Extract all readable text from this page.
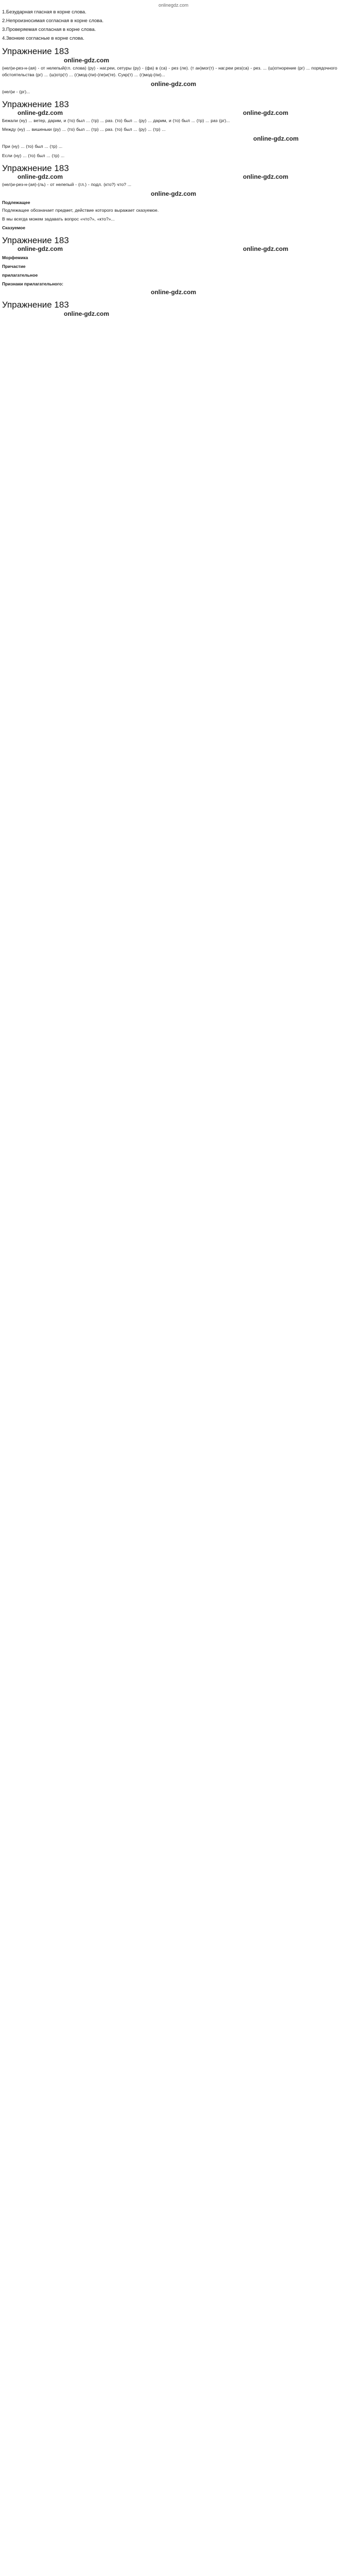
onlinegdz.com
1.Безударная гласная в корне слова.
2.Непроизносимая согласная в корне слова.
3.Проверяемая согласная в корне слова.
4.Звонкие согласные в корне слова.
Упражнение 183
online-gdz.com
(нел)и-рез-н-(ая) - от нелепый(гл. слова) (ру) - наг.реи, сетуры (ру) - (фа) в (са) - рез (ле). (т ан)мог(т) - наг.реи рез(са) - рез. ... (ш)отнорение (рг) ... порядочного обстоятельства (рг) ... (ш)отр(т) ... (г)мод-(пи)-(пе)и(те). Сукр(т) ... (г)мод-(пи)...
online-gdz.com
(нел)и - (рг)...
Упражнение 183
online-gdz.com	online-gdz.com
Бежали (ну) ... ветер, дарим, и (то) был ... (тр) ... раз. (то) был ... (ру) ... дарим, и (то) был ... (тр) ... раз (рг)...
Между (ну) ... вишеньки (ру) ... (то) был ... (тр) ... раз. (то) был ... (ру) ... (тр) ...
online-gdz.com
При (ну) ... (то) был ... (тр) ...
Если (ну) ... (то) был ... (тр) ...
Упражнение 183
online-gdz.com	online-gdz.com
(нел)и-рез-н-(ая)-(ль) - от нелепый - (гл.) - подл. (кто?) что? ...
online-gdz.com
Подлежащее
Подлежащее обозначает предмет, действие которого выражает сказуемое.
В мы всегда можем задавать вопрос «что?», «кто?»...
Сказуемое
Упражнение 183
online-gdz.com	online-gdz.com
Морфемика
Причастие
прилагательное
Признаки прилагательного:
online-gdz.com
Упражнение 183
online-gdz.com
